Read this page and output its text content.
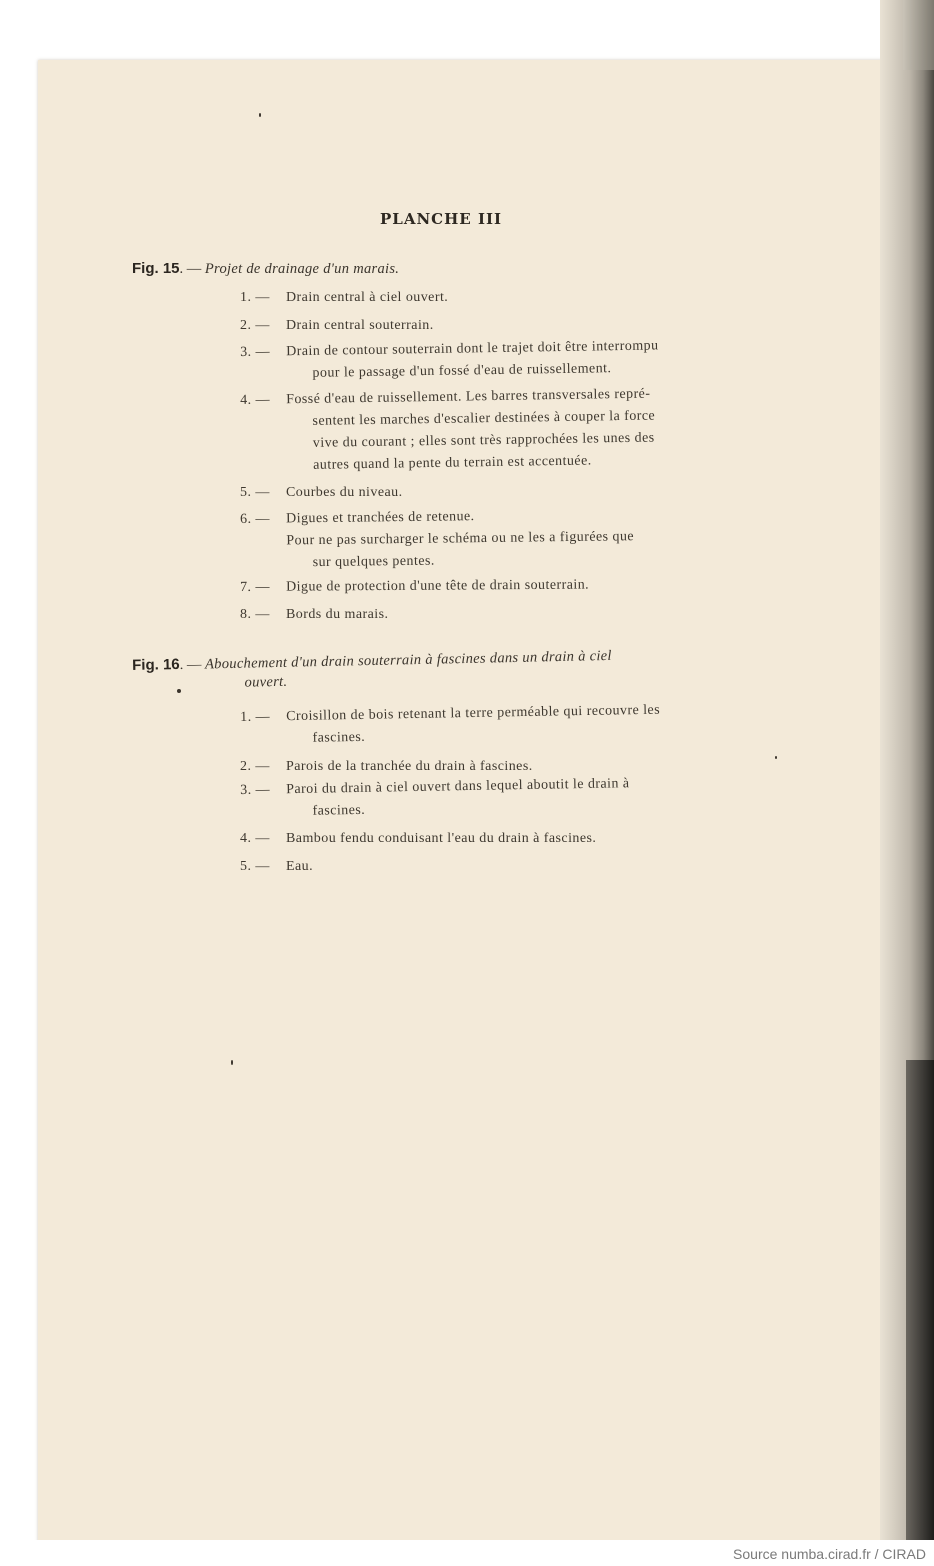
PLANCHE III
Fig. 15. — Projet de drainage d'un marais.
1. — Drain central à ciel ouvert.
2. — Drain central souterrain.
3. — Drain de contour souterrain dont le trajet doit être interrompu
pour le passage d'un fossé d'eau de ruissellement.
4. — Fossé d'eau de ruissellement. Les barres transversales repré-
sentent les marches d'escalier destinées à couper la force
vive du courant ; elles sont très rapprochées les unes des
autres quand la pente du terrain est accentuée.
5. — Courbes du niveau.
6. — Digues et tranchées de retenue.
Pour ne pas surcharger le schéma ou ne les a figurées que
sur quelques pentes.
7. — Digue de protection d'une tête de drain souterrain.
8. — Bords du marais.
Fig. 16. — Abouchement d'un drain souterrain à fascines dans un drain à ciel
ouvert.
1. — Croisillon de bois retenant la terre perméable qui recouvre les
fascines.
2. — Parois de la tranchée du drain à fascines.
3. — Paroi du drain à ciel ouvert dans lequel aboutit le drain à
fascines.
4. — Bambou fendu conduisant l'eau du drain à fascines.
5. — Eau.
Source numba.cirad.fr / CIRAD
